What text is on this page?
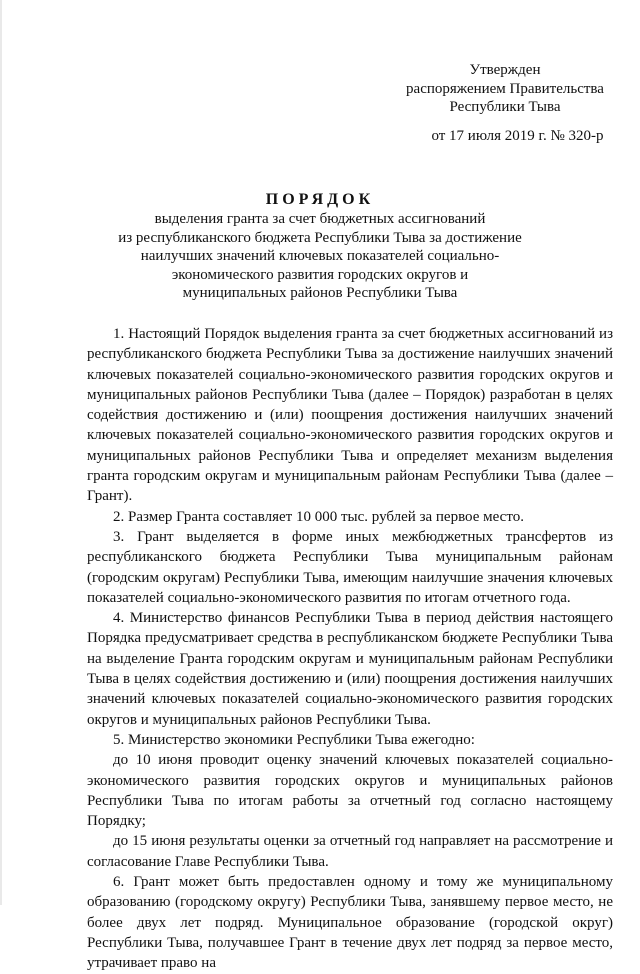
Утвержден
распоряжением Правительства
Республики Тыва
от 17 июля 2019 г. № 320-р
ПОРЯДОК
выделения гранта за счет бюджетных ассигнований
из республиканского бюджета Республики Тыва за достижение
наилучших значений ключевых показателей социально-
экономического развития городских округов и
муниципальных районов Республики Тыва

1. Настоящий Порядок выделения гранта за счет бюджетных ассигнований из республиканского бюджета Республики Тыва за достижение наилучших значений ключевых показателей социально-экономического развития городских округов и муниципальных районов Республики Тыва (далее – Порядок) разработан в целях содействия достижению и (или) поощрения достижения наилучших значений ключевых показателей социально-экономического развития городских округов и муниципальных районов Республики Тыва и определяет механизм выделения гранта городским округам и муниципальным районам Республики Тыва (далее – Грант).

2. Размер Гранта составляет 10 000 тыс. рублей за первое место.

3. Грант выделяется в форме иных межбюджетных трансфертов из республиканского бюджета Республики Тыва муниципальным районам (городским округам) Республики Тыва, имеющим наилучшие значения ключевых показателей социально-экономического развития по итогам отчетного года.

4. Министерство финансов Республики Тыва в период действия настоящего Порядка предусматривает средства в республиканском бюджете Республики Тыва на выделение Гранта городским округам и муниципальным районам Республики Тыва в целях содействия достижению и (или) поощрения достижения наилучших значений ключевых показателей социально-экономического развития городских округов и муниципальных районов Республики Тыва.

5. Министерство экономики Республики Тыва ежегодно:

до 10 июня проводит оценку значений ключевых показателей социально-экономического развития городских округов и муниципальных районов Республики Тыва по итогам работы за отчетный год согласно настоящему Порядку;

до 15 июня результаты оценки за отчетный год направляет на рассмотрение и согласование Главе Республики Тыва.

6. Грант может быть предоставлен одному и тому же муниципальному образованию (городскому округу) Республики Тыва, занявшему первое место, не более двух лет подряд. Муниципальное образование (городской округ) Республики Тыва, получавшее Грант в течение двух лет подряд за первое место, утрачивает право на
